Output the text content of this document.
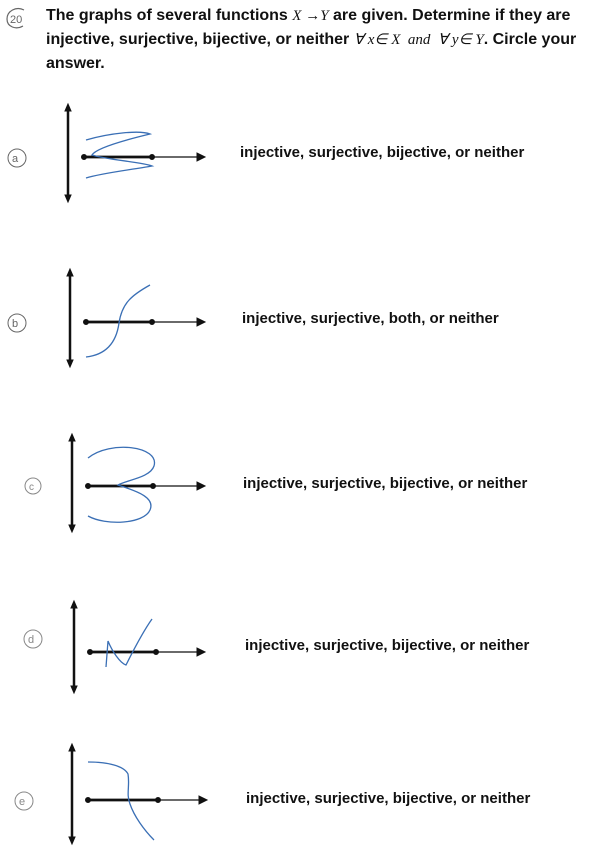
20 The graphs of several functions X →Y are given. Determine if they are
injective, surjective, bijective, or neither ∀ x∈ X and ∀ y∈ Y. Circle your
answer.
a	injective, surjective, bijective, or neither
b	injective, surjective, both, or neither
c	injective, surjective, bijective, or neither
d	injective, surjective, bijective, or neither
e	injective, surjective, bijective, or neither
